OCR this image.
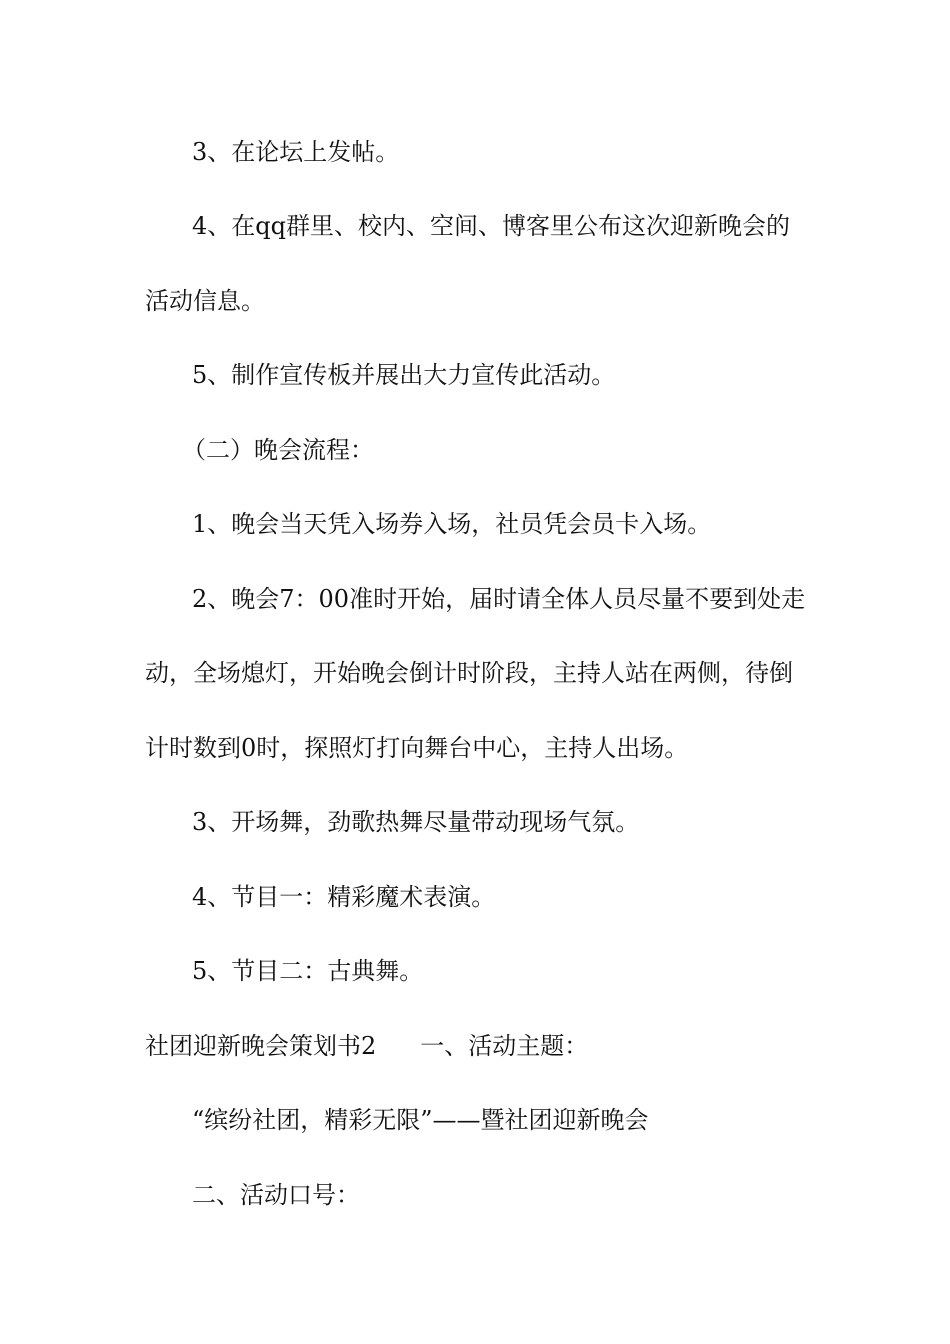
3、在论坛上发帖。
4、在qq群里、校内、空间、博客里公布这次迎新晚会的
活动信息。
5、制作宣传板并展出大力宣传此活动。
（二）晚会流程：
1、晚会当天凭入场券入场，社员凭会员卡入场。
2、晚会7：00准时开始，届时请全体人员尽量不要到处走
动，全场熄灯，开始晚会倒计时阶段，主持人站在两侧，待倒
计时数到0时，探照灯打向舞台中心，主持人出场。
3、开场舞，劲歌热舞尽量带动现场气氛。
4、节目一：精彩魔术表演。
5、节目二：古典舞。
社团迎新晚会策划书2 一、活动主题：
“缤纷社团，精彩无限”——暨社团迎新晚会
二、活动口号：
